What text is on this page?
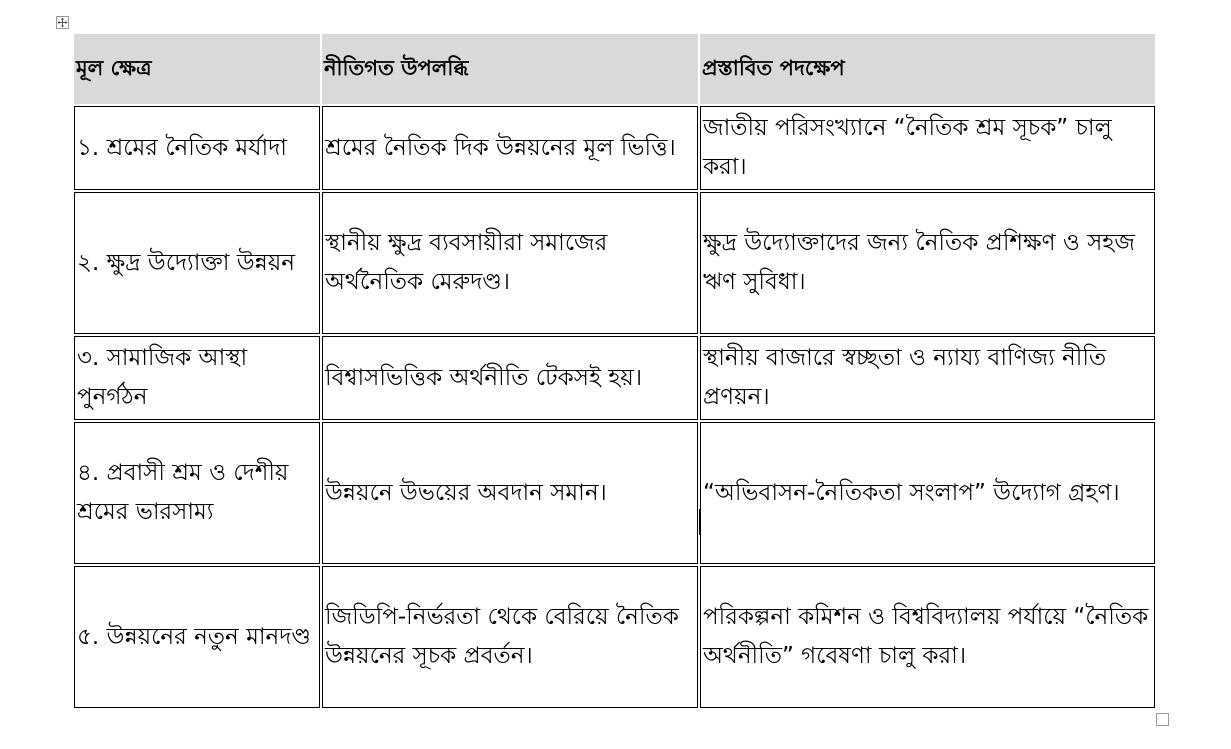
মূল ক্ষেত্র	নীতিগত উপলব্ধি	প্রস্তাবিত পদক্ষেপ
১. শ্রমের নৈতিক মর্যাদা	শ্রমের নৈতিক দিক উন্নয়নের মূল ভিত্তি।	জাতীয় পরিসংখ্যানে “নৈতিক শ্রম সূচক” চালু করা।
২. ক্ষুদ্র উদ্যোক্তা উন্নয়ন	স্থানীয় ক্ষুদ্র ব্যবসায়ীরা সমাজের অর্থনৈতিক মেরুদণ্ড।	ক্ষুদ্র উদ্যোক্তাদের জন্য নৈতিক প্রশিক্ষণ ও সহজ ঋণ সুবিধা।
৩. সামাজিক আস্থা পুনর্গঠন	বিশ্বাসভিত্তিক অর্থনীতি টেকসই হয়।	স্থানীয় বাজারে স্বচ্ছতা ও ন্যায্য বাণিজ্য নীতি প্রণয়ন।
৪. প্রবাসী শ্রম ও দেশীয় শ্রমের ভারসাম্য	উন্নয়নে উভয়ের অবদান সমান।	“অভিবাসন-নৈতিকতা সংলাপ” উদ্যোগ গ্রহণ।
৫. উন্নয়নের নতুন মানদণ্ড	জিডিপি-নির্ভরতা থেকে বেরিয়ে নৈতিক উন্নয়নের সূচক প্রবর্তন।	পরিকল্পনা কমিশন ও বিশ্ববিদ্যালয় পর্যায়ে “নৈতিক অর্থনীতি” গবেষণা চালু করা।
